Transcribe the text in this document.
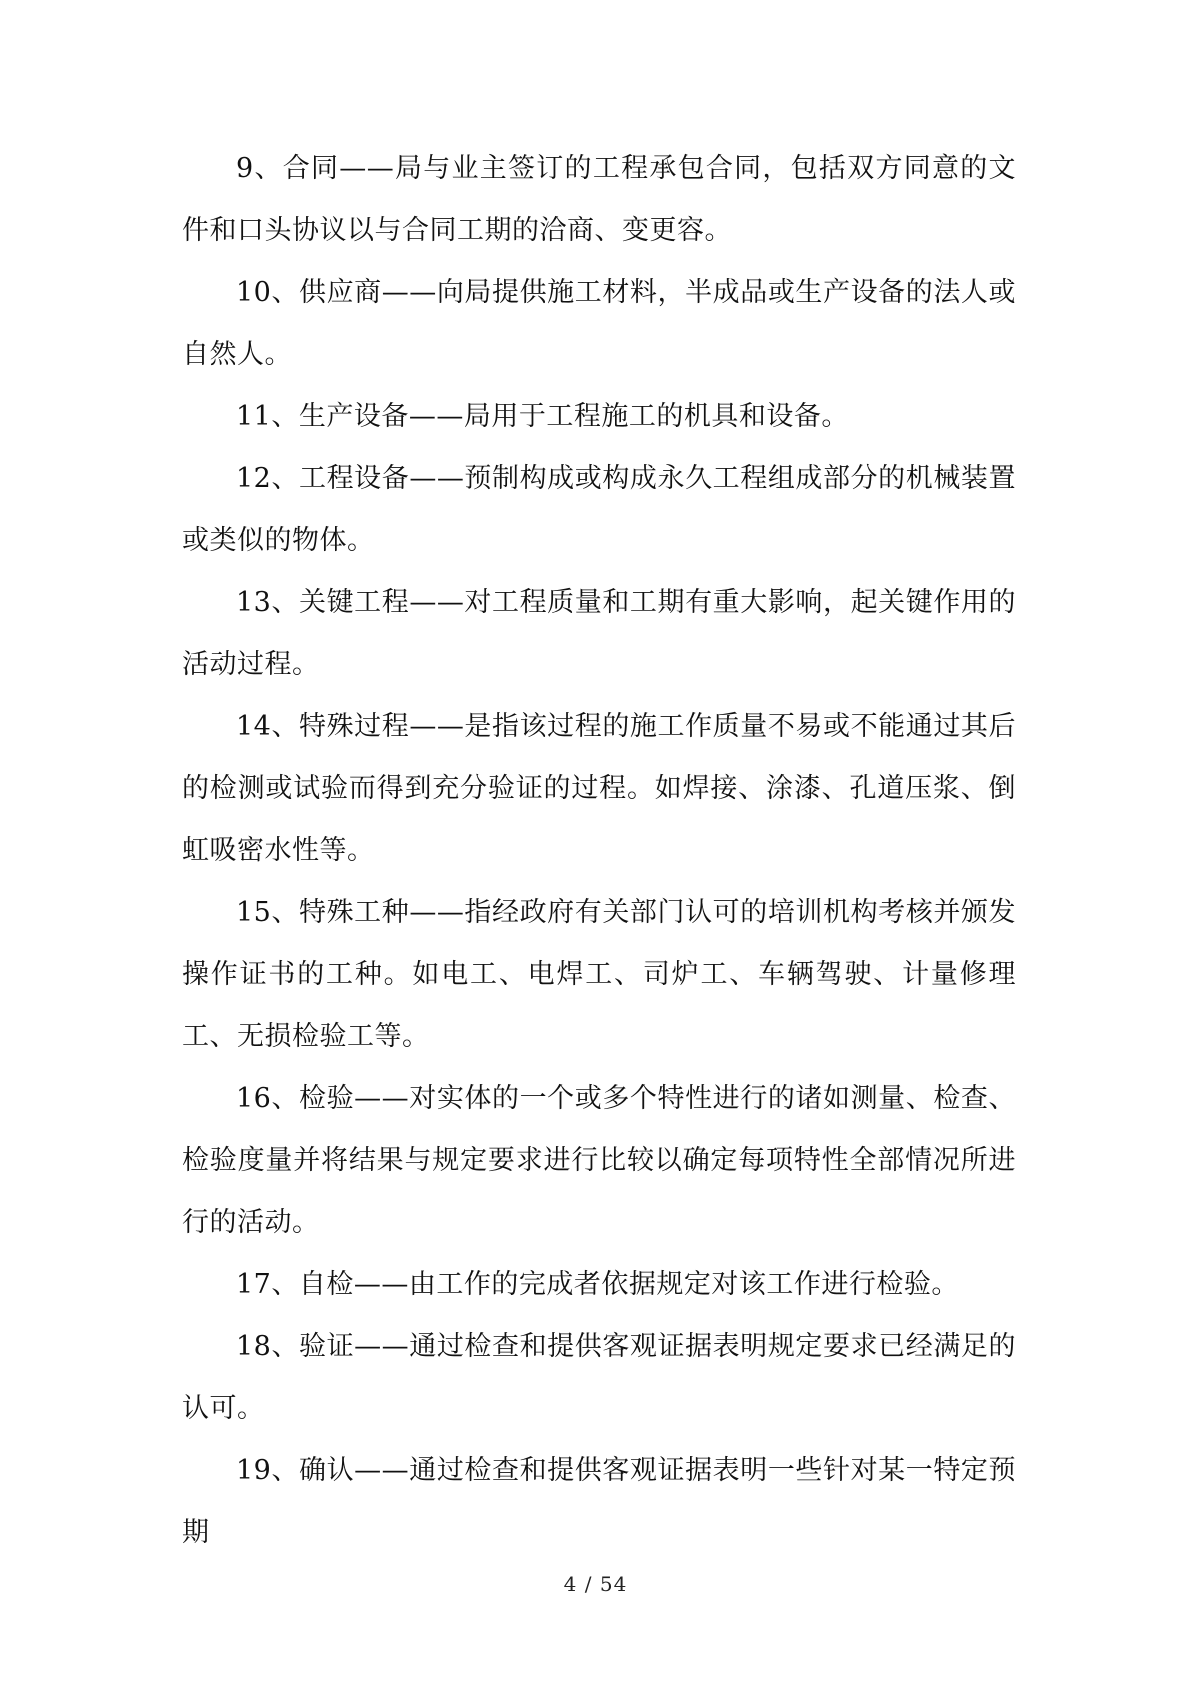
9、合同——局与业主签订的工程承包合同，包括双方同意的文件和口头协议以与合同工期的洽商、变更容。

10、供应商——向局提供施工材料，半成品或生产设备的法人或自然人。

11、生产设备——局用于工程施工的机具和设备。

12、工程设备——预制构成或构成永久工程组成部分的机械装置或类似的物体。

13、关键工程——对工程质量和工期有重大影响，起关键作用的活动过程。

14、特殊过程——是指该过程的施工作质量不易或不能通过其后的检测或试验而得到充分验证的过程。如焊接、涂漆、孔道压浆、倒虹吸密水性等。

15、特殊工种——指经政府有关部门认可的培训机构考核并颁发操作证书的工种。如电工、电焊工、司炉工、车辆驾驶、计量修理工、无损检验工等。

16、检验——对实体的一个或多个特性进行的诸如测量、检查、检验度量并将结果与规定要求进行比较以确定每项特性全部情况所进行的活动。

17、自检——由工作的完成者依据规定对该工作进行检验。

18、验证——通过检查和提供客观证据表明规定要求已经满足的认可。

19、确认——通过检查和提供客观证据表明一些针对某一特定预期

4 / 54
